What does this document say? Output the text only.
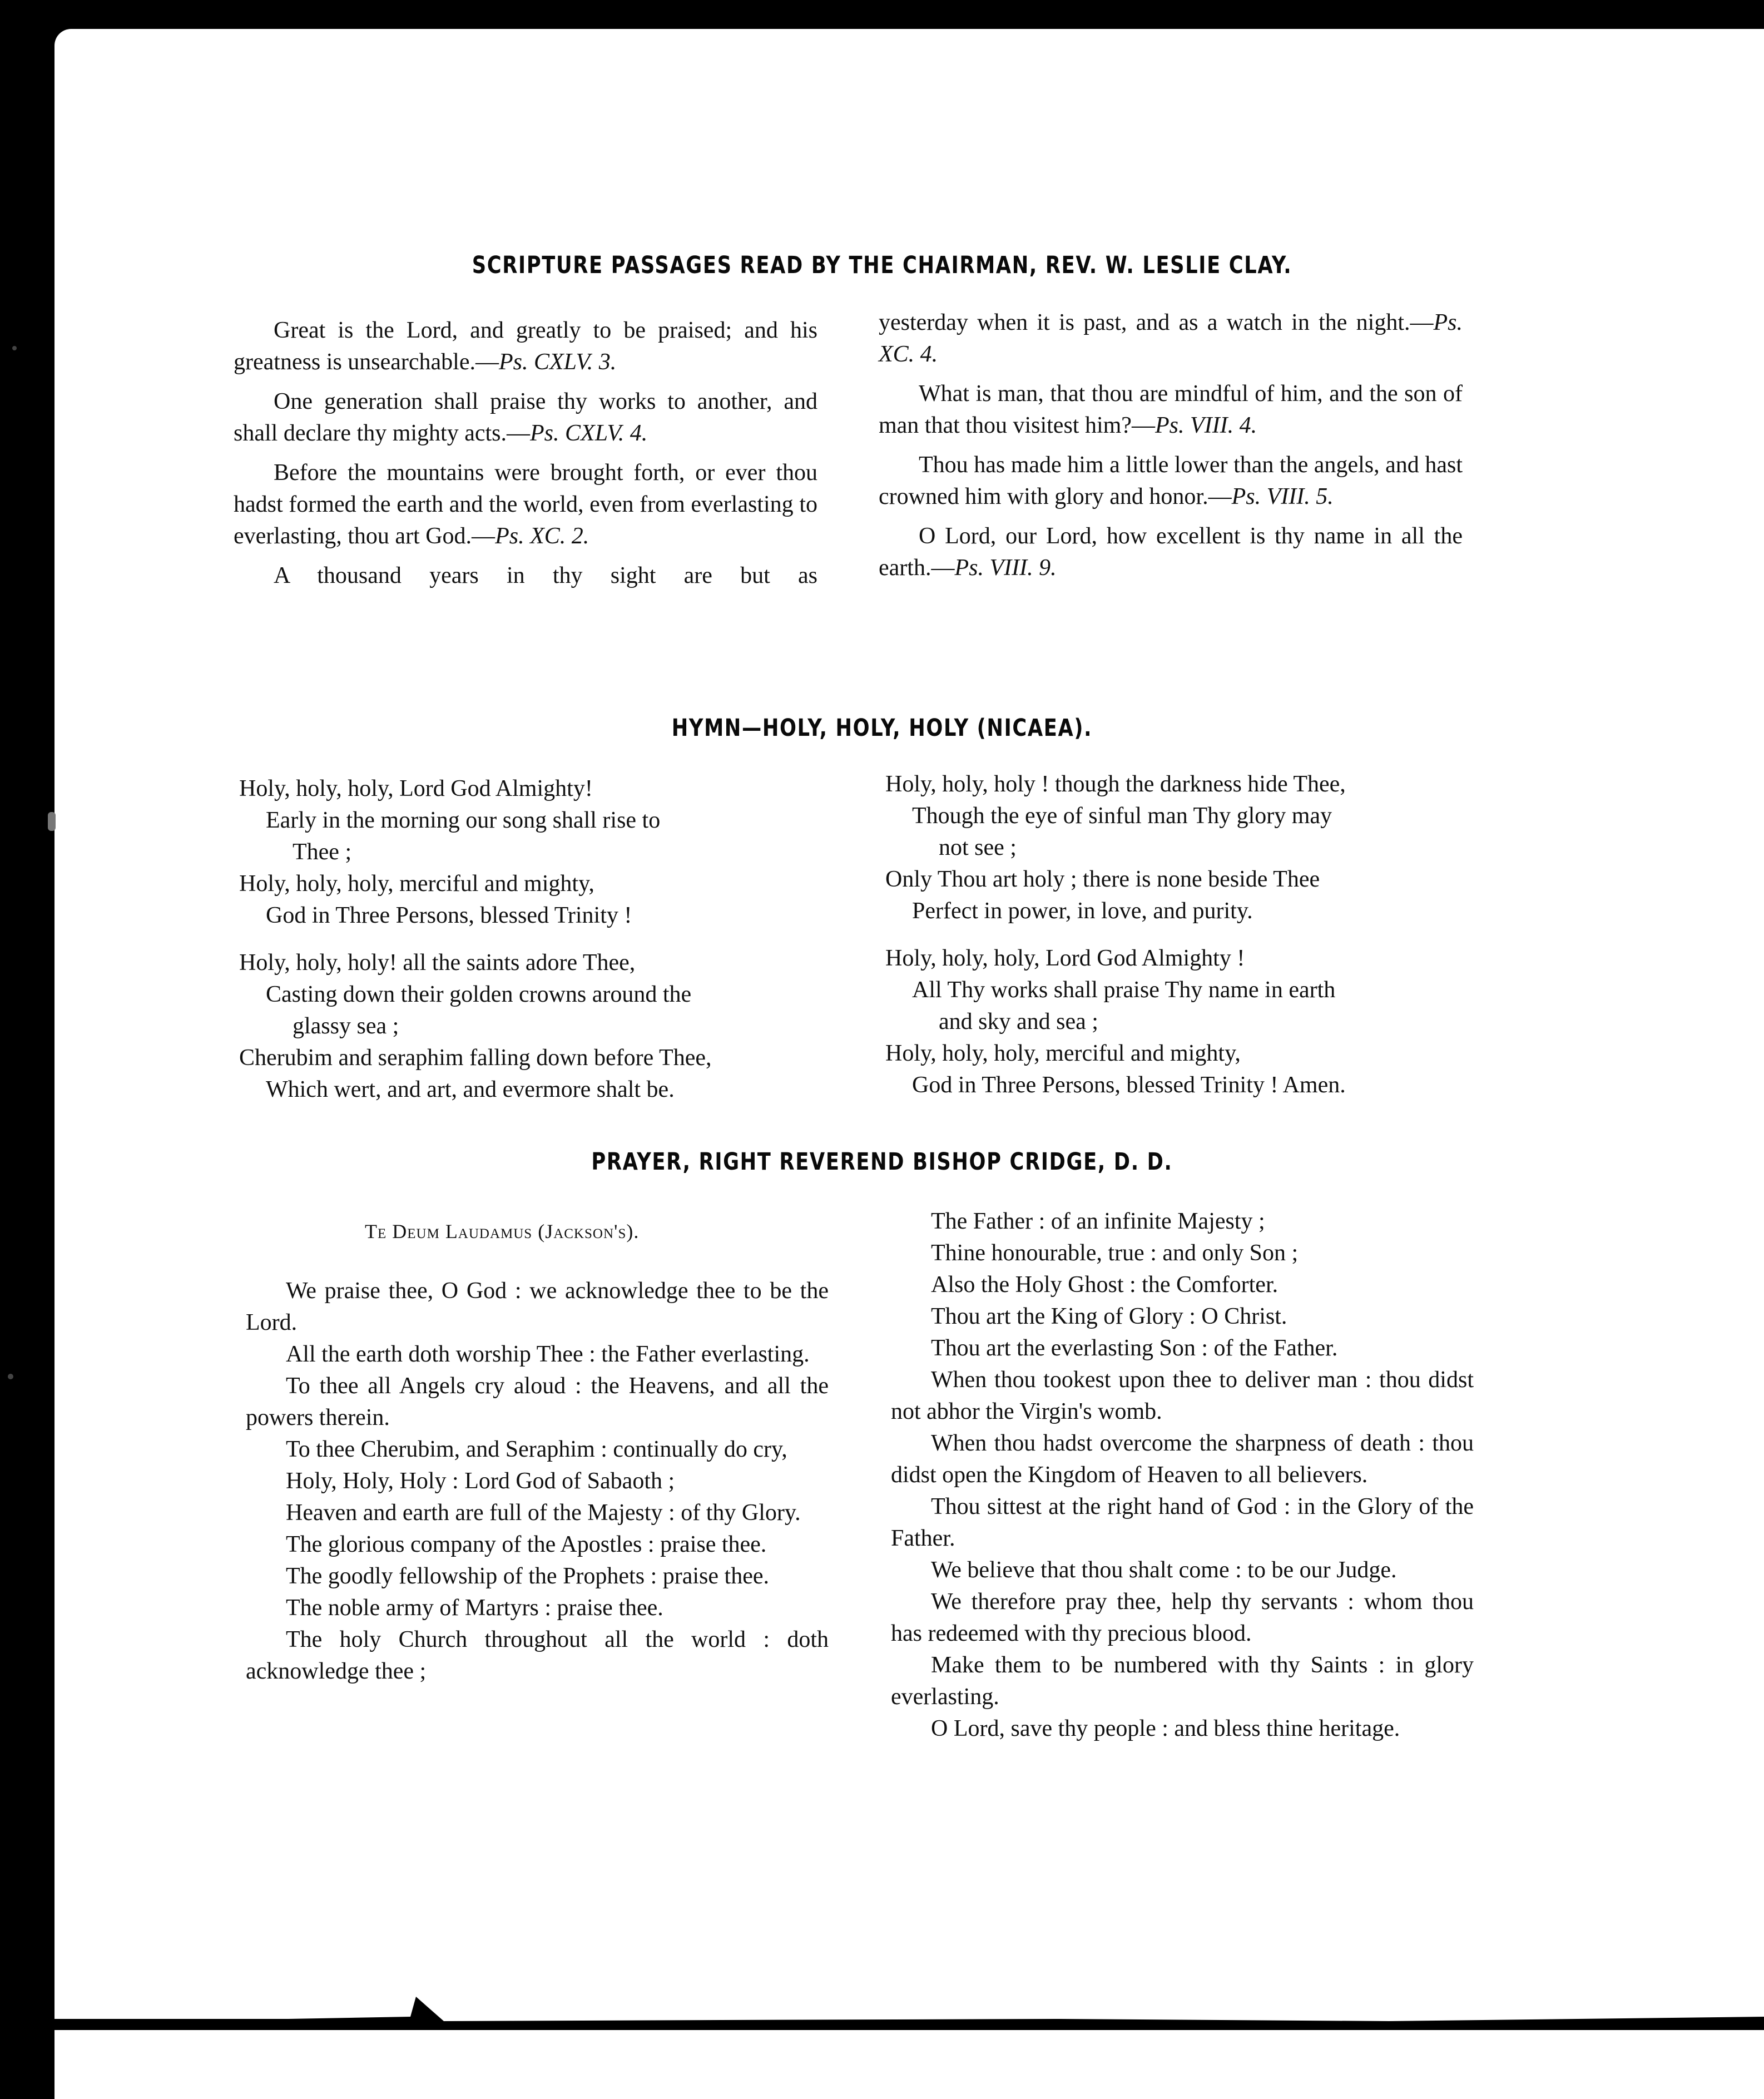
SCRIPTURE PASSAGES READ BY THE CHAIRMAN, REV. W. LESLIE CLAY.

Great is the Lord, and greatly to be praised; and his greatness is unsearchable.—Ps. CXLV. 3.

One generation shall praise thy works to another, and shall declare thy mighty acts.—Ps. CXLV. 4.

Before the mountains were brought forth, or ever thou hadst formed the earth and the world, even from everlasting to everlasting, thou art God.—Ps. XC. 2.

A thousand years in thy sight are but as

yesterday when it is past, and as a watch in the night.—Ps. XC. 4.

What is man, that thou are mindful of him, and the son of man that thou visitest him?—Ps. VIII. 4.

Thou has made him a little lower than the angels, and hast crowned him with glory and honor.—Ps. VIII. 5.

O Lord, our Lord, how excellent is thy name in all the earth.—Ps. VIII. 9.

HYMN—HOLY, HOLY, HOLY (NICAEA).
Holy, holy, holy, Lord God Almighty!
Early in the morning our song shall rise to
Thee ;
Holy, holy, holy, merciful and mighty,
God in Three Persons, blessed Trinity !
Holy, holy, holy! all the saints adore Thee,
Casting down their golden crowns around the
glassy sea ;
Cherubim and seraphim falling down before Thee,
Which wert, and art, and evermore shalt be.
Holy, holy, holy ! though the darkness hide Thee,
Though the eye of sinful man Thy glory may
not see ;
Only Thou art holy ; there is none beside Thee
Perfect in power, in love, and purity.
Holy, holy, holy, Lord God Almighty !
All Thy works shall praise Thy name in earth
and sky and sea ;
Holy, holy, holy, merciful and mighty,
God in Three Persons, blessed Trinity ! Amen.
PRAYER, RIGHT REVEREND BISHOP CRIDGE, D. D.
Te Deum Laudamus (Jackson's).

We praise thee, O God : we acknowledge thee to be the Lord.

All the earth doth worship Thee : the Father everlasting.

To thee all Angels cry aloud : the Heavens, and all the powers therein.

To thee Cherubim, and Seraphim : continually do cry,

Holy, Holy, Holy : Lord God of Sabaoth ;

Heaven and earth are full of the Majesty : of thy Glory.

The glorious company of the Apostles : praise thee.

The goodly fellowship of the Prophets : praise thee.

The noble army of Martyrs : praise thee.

The holy Church throughout all the world : doth acknowledge thee ;

The Father : of an infinite Majesty ;

Thine honourable, true : and only Son ;

Also the Holy Ghost : the Comforter.

Thou art the King of Glory : O Christ.

Thou art the everlasting Son : of the Father.

When thou tookest upon thee to deliver man : thou didst not abhor the Virgin's womb.

When thou hadst overcome the sharpness of death : thou didst open the Kingdom of Heaven to all believers.

Thou sittest at the right hand of God : in the Glory of the Father.

We believe that thou shalt come : to be our Judge.

We therefore pray thee, help thy servants : whom thou has redeemed with thy precious blood.

Make them to be numbered with thy Saints : in glory everlasting.

O Lord, save thy people : and bless thine heritage.
